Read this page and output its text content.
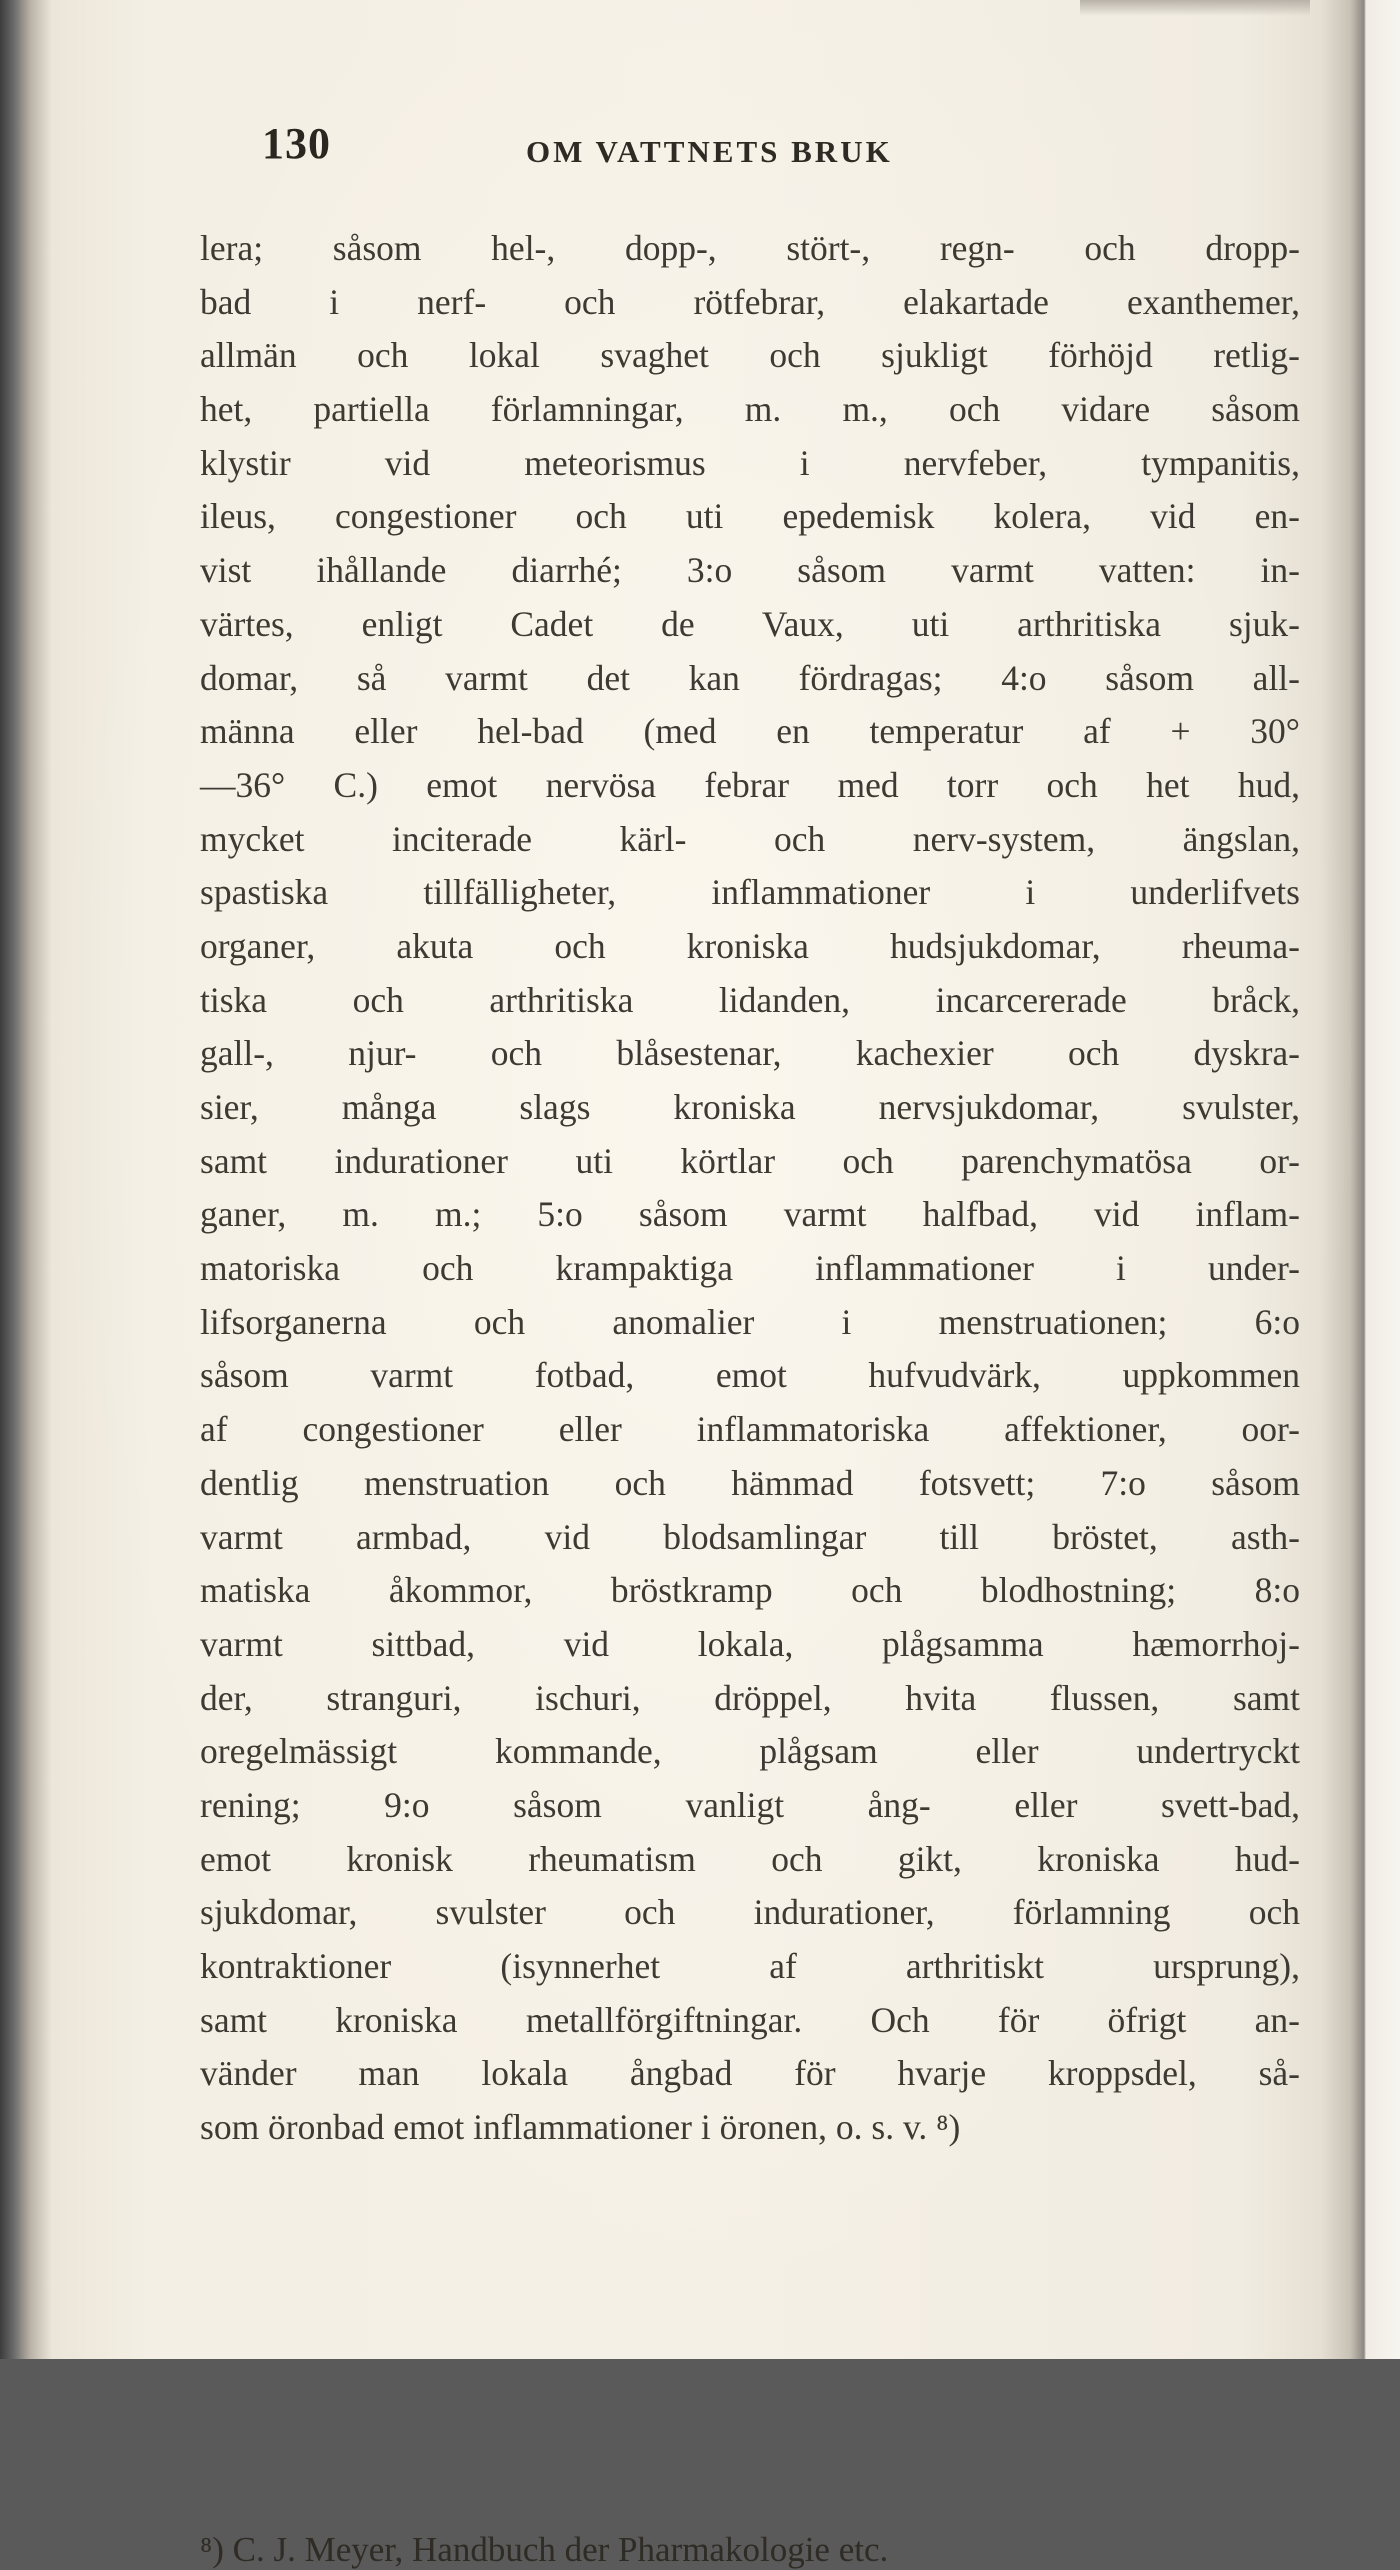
130	OM VATTNETS BRUK
lera; såsom hel-, dopp-, stört-, regn- och dropp-
bad i nerf- och rötfebrar, elakartade exanthemer,
allmän och lokal svaghet och sjukligt förhöjd retlig-
het, partiella förlamningar, m. m., och vidare såsom
klystir vid meteorismus i nervfeber, tympanitis,
ileus, congestioner och uti epedemisk kolera, vid en-
vist ihållande diarrhé; 3:o såsom varmt vatten: in-
värtes, enligt Cadet de Vaux, uti arthritiska sjuk-
domar, så varmt det kan fördragas; 4:o såsom all-
männa eller hel-bad (med en temperatur af + 30°
—36° C.) emot nervösa febrar med torr och het hud,
mycket inciterade kärl- och nerv-system, ängslan,
spastiska tillfälligheter, inflammationer i underlifvets
organer, akuta och kroniska hudsjukdomar, rheuma-
tiska och arthritiska lidanden, incarcererade bråck,
gall-, njur- och blåsestenar, kachexier och dyskra-
sier, många slags kroniska nervsjukdomar, svulster,
samt indurationer uti körtlar och parenchymatösa or-
ganer, m. m.; 5:o såsom varmt halfbad, vid inflam-
matoriska och krampaktiga inflammationer i under-
lifsorganerna och anomalier i menstruationen; 6:o
såsom varmt fotbad, emot hufvudvärk, uppkommen
af congestioner eller inflammatoriska affektioner, oor-
dentlig menstruation och hämmad fotsvett; 7:o såsom
varmt armbad, vid blodsamlingar till bröstet, asth-
matiska åkommor, bröstkramp och blodhostning; 8:o
varmt sittbad, vid lokala, plågsamma hæmorrhoj-
der, stranguri, ischuri, dröppel, hvita flussen, samt
oregelmässigt kommande, plågsam eller undertryckt
rening; 9:o såsom vanligt ång- eller svett-bad,
emot kronisk rheumatism och gikt, kroniska hud-
sjukdomar, svulster och indurationer, förlamning och
kontraktioner (isynnerhet af arthritiskt ursprung),
samt kroniska metallförgiftningar. Och för öfrigt an-
vänder man lokala ångbad för hvarje kroppsdel, så-
som öronbad emot inflammationer i öronen, o. s. v. ⁸)
⁸) C. J. Meyer, Handbuch der Pharmakologie etc.
